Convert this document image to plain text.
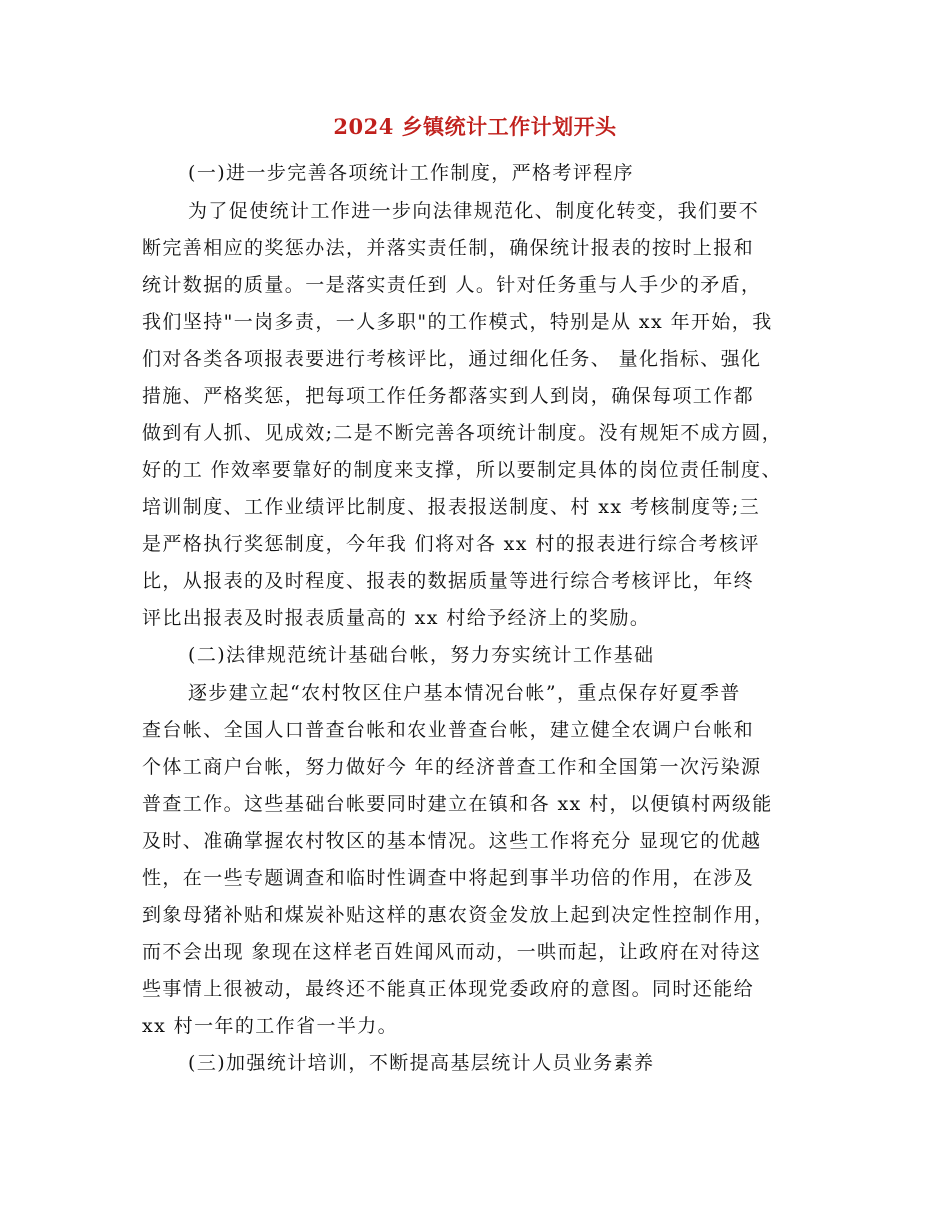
2024 乡镇统计工作计划开头
(一)进一步完善各项统计工作制度，严格考评程序
为了促使统计工作进一步向法律规范化、制度化转变，我们要不
断完善相应的奖惩办法，并落实责任制，确保统计报表的按时上报和
统计数据的质量。一是落实责任到 人。针对任务重与人手少的矛盾，
我们坚持"一岗多责，一人多职"的工作模式，特别是从 xx 年开始，我
们对各类各项报表要进行考核评比，通过细化任务、 量化指标、强化
措施、严格奖惩，把每项工作任务都落实到人到岗，确保每项工作都
做到有人抓、见成效;二是不断完善各项统计制度。没有规矩不成方圆，
好的工 作效率要靠好的制度来支撑，所以要制定具体的岗位责任制度、
培训制度、工作业绩评比制度、报表报送制度、村 xx 考核制度等;三
是严格执行奖惩制度，今年我 们将对各 xx 村的报表进行综合考核评
比，从报表的及时程度、报表的数据质量等进行综合考核评比，年终
评比出报表及时报表质量高的 xx 村给予经济上的奖励。
(二)法律规范统计基础台帐，努力夯实统计工作基础
逐步建立起“农村牧区住户基本情况台帐”，重点保存好夏季普
查台帐、全国人口普查台帐和农业普查台帐，建立健全农调户台帐和
个体工商户台帐，努力做好今 年的经济普查工作和全国第一次污染源
普查工作。这些基础台帐要同时建立在镇和各 xx 村，以便镇村两级能
及时、准确掌握农村牧区的基本情况。这些工作将充分 显现它的优越
性，在一些专题调查和临时性调查中将起到事半功倍的作用，在涉及
到象母猪补贴和煤炭补贴这样的惠农资金发放上起到决定性控制作用，
而不会出现 象现在这样老百姓闻风而动，一哄而起，让政府在对待这
些事情上很被动，最终还不能真正体现党委政府的意图。同时还能给
xx 村一年的工作省一半力。
(三)加强统计培训，不断提高基层统计人员业务素养
